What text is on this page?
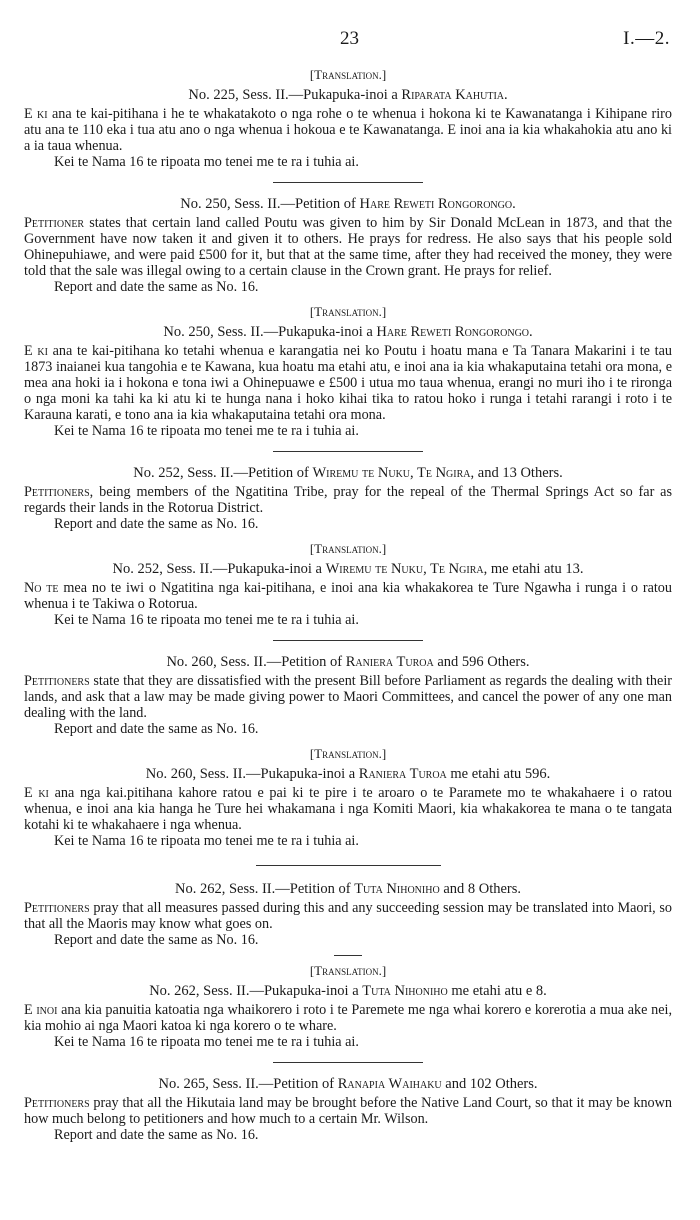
23	I.—2.
[Translation.]
No. 225, Sess. II.—Pukapuka-inoi a Riparata Kahutia.

E ki ana te kai-pitihana i he te whakatakoto o nga rohe o te whenua i hokona ki te Kawanatanga i Kihipane riro atu ana te 110 eka i tua atu ano o nga whenua i hokoua e te Kawanatanga. E inoi ana ia kia whakahokia atu ano ki a ia taua whenua.

Kei te Nama 16 te ripoata mo tenei me te ra i tuhia ai.

No. 250, Sess. II.—Petition of Hare Reweti Rongorongo.

Petitioner states that certain land called Poutu was given to him by Sir Donald McLean in 1873, and that the Government have now taken it and given it to others. He prays for redress. He also says that his people sold Ohinepuhiawe, and were paid £500 for it, but that at the same time, after they had received the money, they were told that the sale was illegal owing to a certain clause in the Crown grant. He prays for relief.

Report and date the same as No. 16.

[Translation.]
No. 250, Sess. II.—Pukapuka-inoi a Hare Reweti Rongorongo.

E ki ana te kai-pitihana ko tetahi whenua e karangatia nei ko Poutu i hoatu mana e Ta Tanara Makarini i te tau 1873 inaianei kua tangohia e te Kawana, kua hoatu ma etahi atu, e inoi ana ia kia whakaputaina tetahi ora mona, e mea ana hoki ia i hokona e tona iwi a Ohinepuawe e £500 i utua mo taua whenua, erangi no muri iho i te rironga o nga moni ka tahi ka ki atu ki te hunga nana i hoko kihai tika to ratou hoko i runga i tetahi rarangi i roto i te Karauna karati, e tono ana ia kia whakaputaina tetahi ora mona.

Kei te Nama 16 te ripoata mo tenei me te ra i tuhia ai.

No. 252, Sess. II.—Petition of Wiremu te Nuku, Te Ngira, and 13 Others.

Petitioners, being members of the Ngatitina Tribe, pray for the repeal of the Thermal Springs Act so far as regards their lands in the Rotorua District.

Report and date the same as No. 16.

[Translation.]
No. 252, Sess. II.—Pukapuka-inoi a Wiremu te Nuku, Te Ngira, me etahi atu 13.

No te mea no te iwi o Ngatitina nga kai-pitihana, e inoi ana kia whakakorea te Ture Ngawha i runga i o ratou whenua i te Takiwa o Rotorua.

Kei te Nama 16 te ripoata mo tenei me te ra i tuhia ai.

No. 260, Sess. II.—Petition of Raniera Turoa and 596 Others.

Petitioners state that they are dissatisfied with the present Bill before Parliament as regards the dealing with their lands, and ask that a law may be made giving power to Maori Committees, and cancel the power of any one man dealing with the land.

Report and date the same as No. 16.

[Translation.]
No. 260, Sess. II.—Pukapuka-inoi a Raniera Turoa me etahi atu 596.

E ki ana nga kai.pitihana kahore ratou e pai ki te pire i te aroaro o te Paramete mo te whakahaere i o ratou whenua, e inoi ana kia hanga he Ture hei whakamana i nga Komiti Maori, kia whakakorea te mana o te tangata kotahi ki te whakahaere i nga whenua.

Kei te Nama 16 te ripoata mo tenei me te ra i tuhia ai.

No. 262, Sess. II.—Petition of Tuta Nihoniho and 8 Others.

Petitioners pray that all measures passed during this and any succeeding session may be translated into Maori, so that all the Maoris may know what goes on.

Report and date the same as No. 16.

[Translation.]
No. 262, Sess. II.—Pukapuka-inoi a Tuta Nihoniho me etahi atu e 8.

E inoi ana kia panuitia katoatia nga whaikorero i roto i te Paremete me nga whai korero e korerotia a mua ake nei, kia mohio ai nga Maori katoa ki nga korero o te whare.

Kei te Nama 16 te ripoata mo tenei me te ra i tuhia ai.

No. 265, Sess. II.—Petition of Ranapia Waihaku and 102 Others.

Petitioners pray that all the Hikutaia land may be brought before the Native Land Court, so that it may be known how much belong to petitioners and how much to a certain Mr. Wilson.

Report and date the same as No. 16.
